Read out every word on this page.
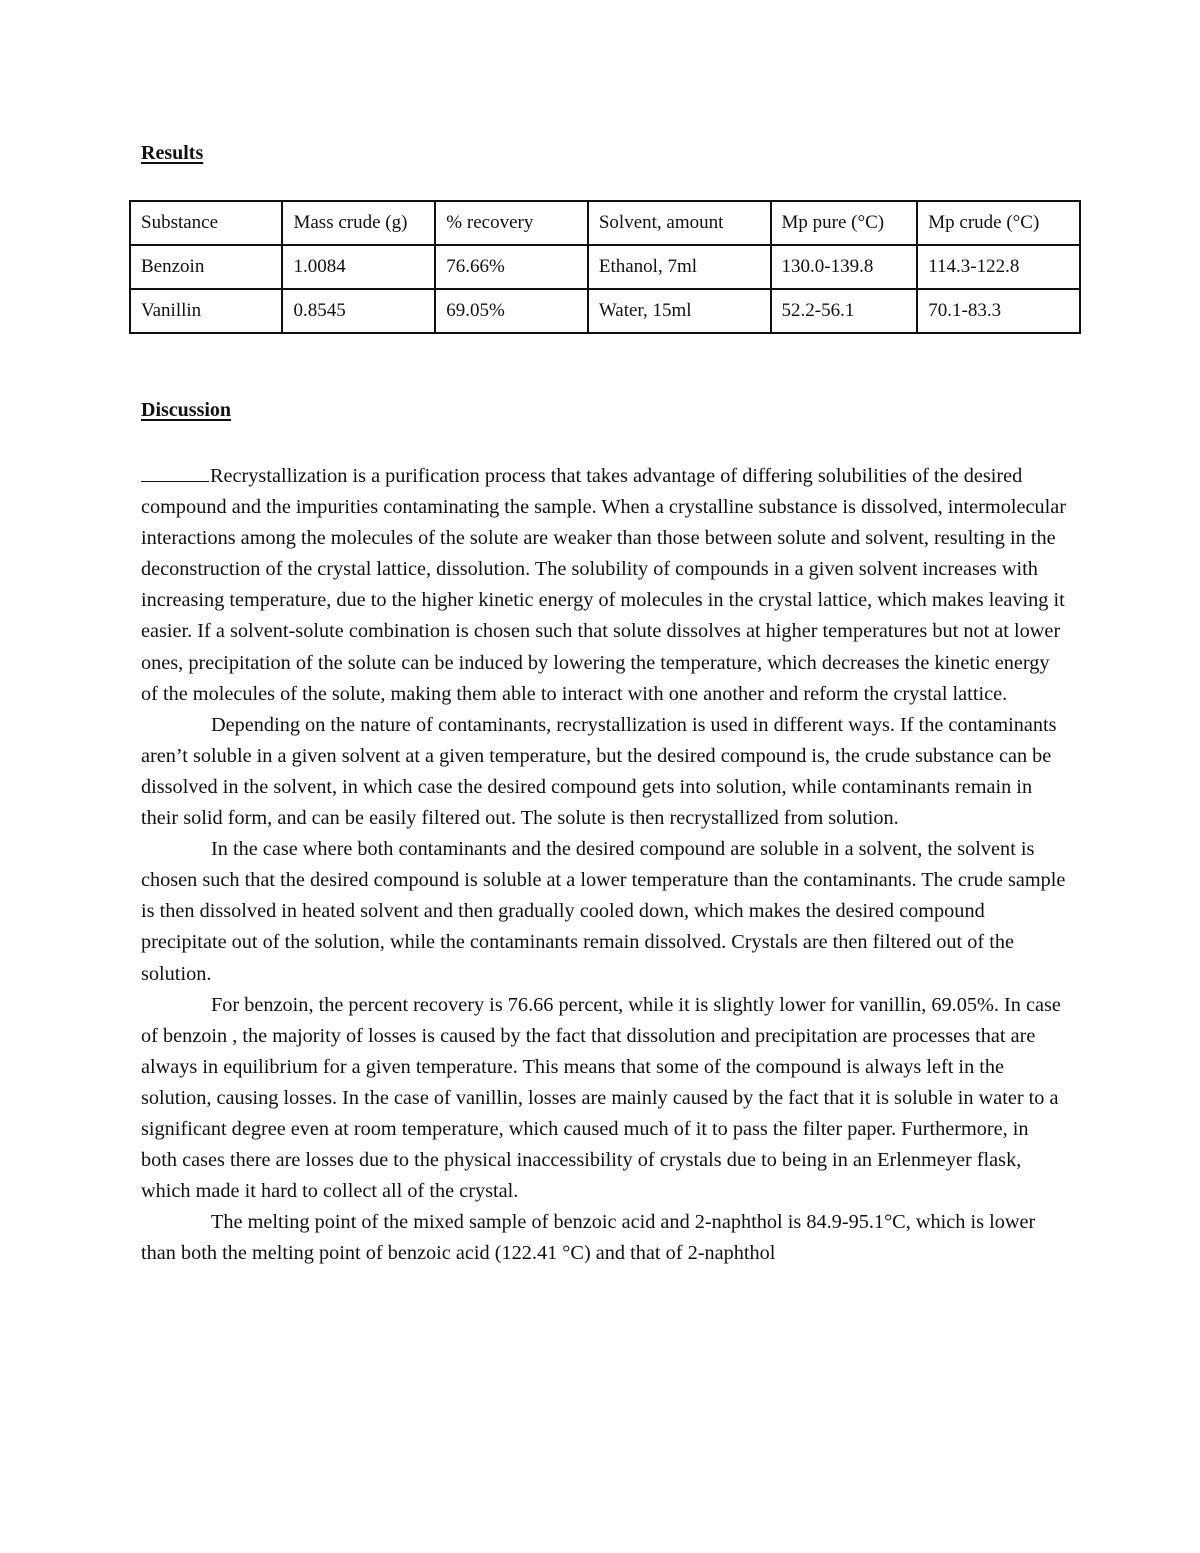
Results
Substance	Mass crude (g)	% recovery	Solvent, amount	Mp pure (°C)	Mp crude (°C)
Benzoin	1.0084	76.66%	Ethanol, 7ml	130.0-139.8	114.3-122.8
Vanillin	0.8545	69.05%	Water, 15ml	52.2-56.1	70.1-83.3
Discussion

Recrystallization is a purification process that takes advantage of differing solubilities of the desired compound and the impurities contaminating the sample. When a crystalline substance is dissolved, intermolecular interactions among the molecules of the solute are weaker than those between solute and solvent, resulting in the deconstruction of the crystal lattice, dissolution. The solubility of compounds in a given solvent increases with increasing temperature, due to the higher kinetic energy of molecules in the crystal lattice, which makes leaving it easier. If a solvent-solute combination is chosen such that solute dissolves at higher temperatures but not at lower ones, precipitation of the solute can be induced by lowering the temperature, which decreases the kinetic energy of the molecules of the solute, making them able to interact with one another and reform the crystal lattice.

Depending on the nature of contaminants, recrystallization is used in different ways. If the contaminants aren’t soluble in a given solvent at a given temperature, but the desired compound is, the crude substance can be dissolved in the solvent, in which case the desired compound gets into solution, while contaminants remain in their solid form, and can be easily filtered out. The solute is then recrystallized from solution.

In the case where both contaminants and the desired compound are soluble in a solvent, the solvent is chosen such that the desired compound is soluble at a lower temperature than the contaminants. The crude sample is then dissolved in heated solvent and then gradually cooled down, which makes the desired compound precipitate out of the solution, while the contaminants remain dissolved. Crystals are then filtered out of the solution.

For benzoin, the percent recovery is 76.66 percent, while it is slightly lower for vanillin, 69.05%. In case of benzoin , the majority of losses is caused by the fact that dissolution and precipitation are processes that are always in equilibrium for a given temperature. This means that some of the compound is always left in the solution, causing losses. In the case of vanillin, losses are mainly caused by the fact that it is soluble in water to a significant degree even at room temperature, which caused much of it to pass the filter paper. Furthermore, in both cases there are losses due to the physical inaccessibility of crystals due to being in an Erlenmeyer flask, which made it hard to collect all of the crystal.

The melting point of the mixed sample of benzoic acid and 2-naphthol is 84.9-95.1°C, which is lower than both the melting point of benzoic acid (122.41 °C) and that of 2-naphthol
